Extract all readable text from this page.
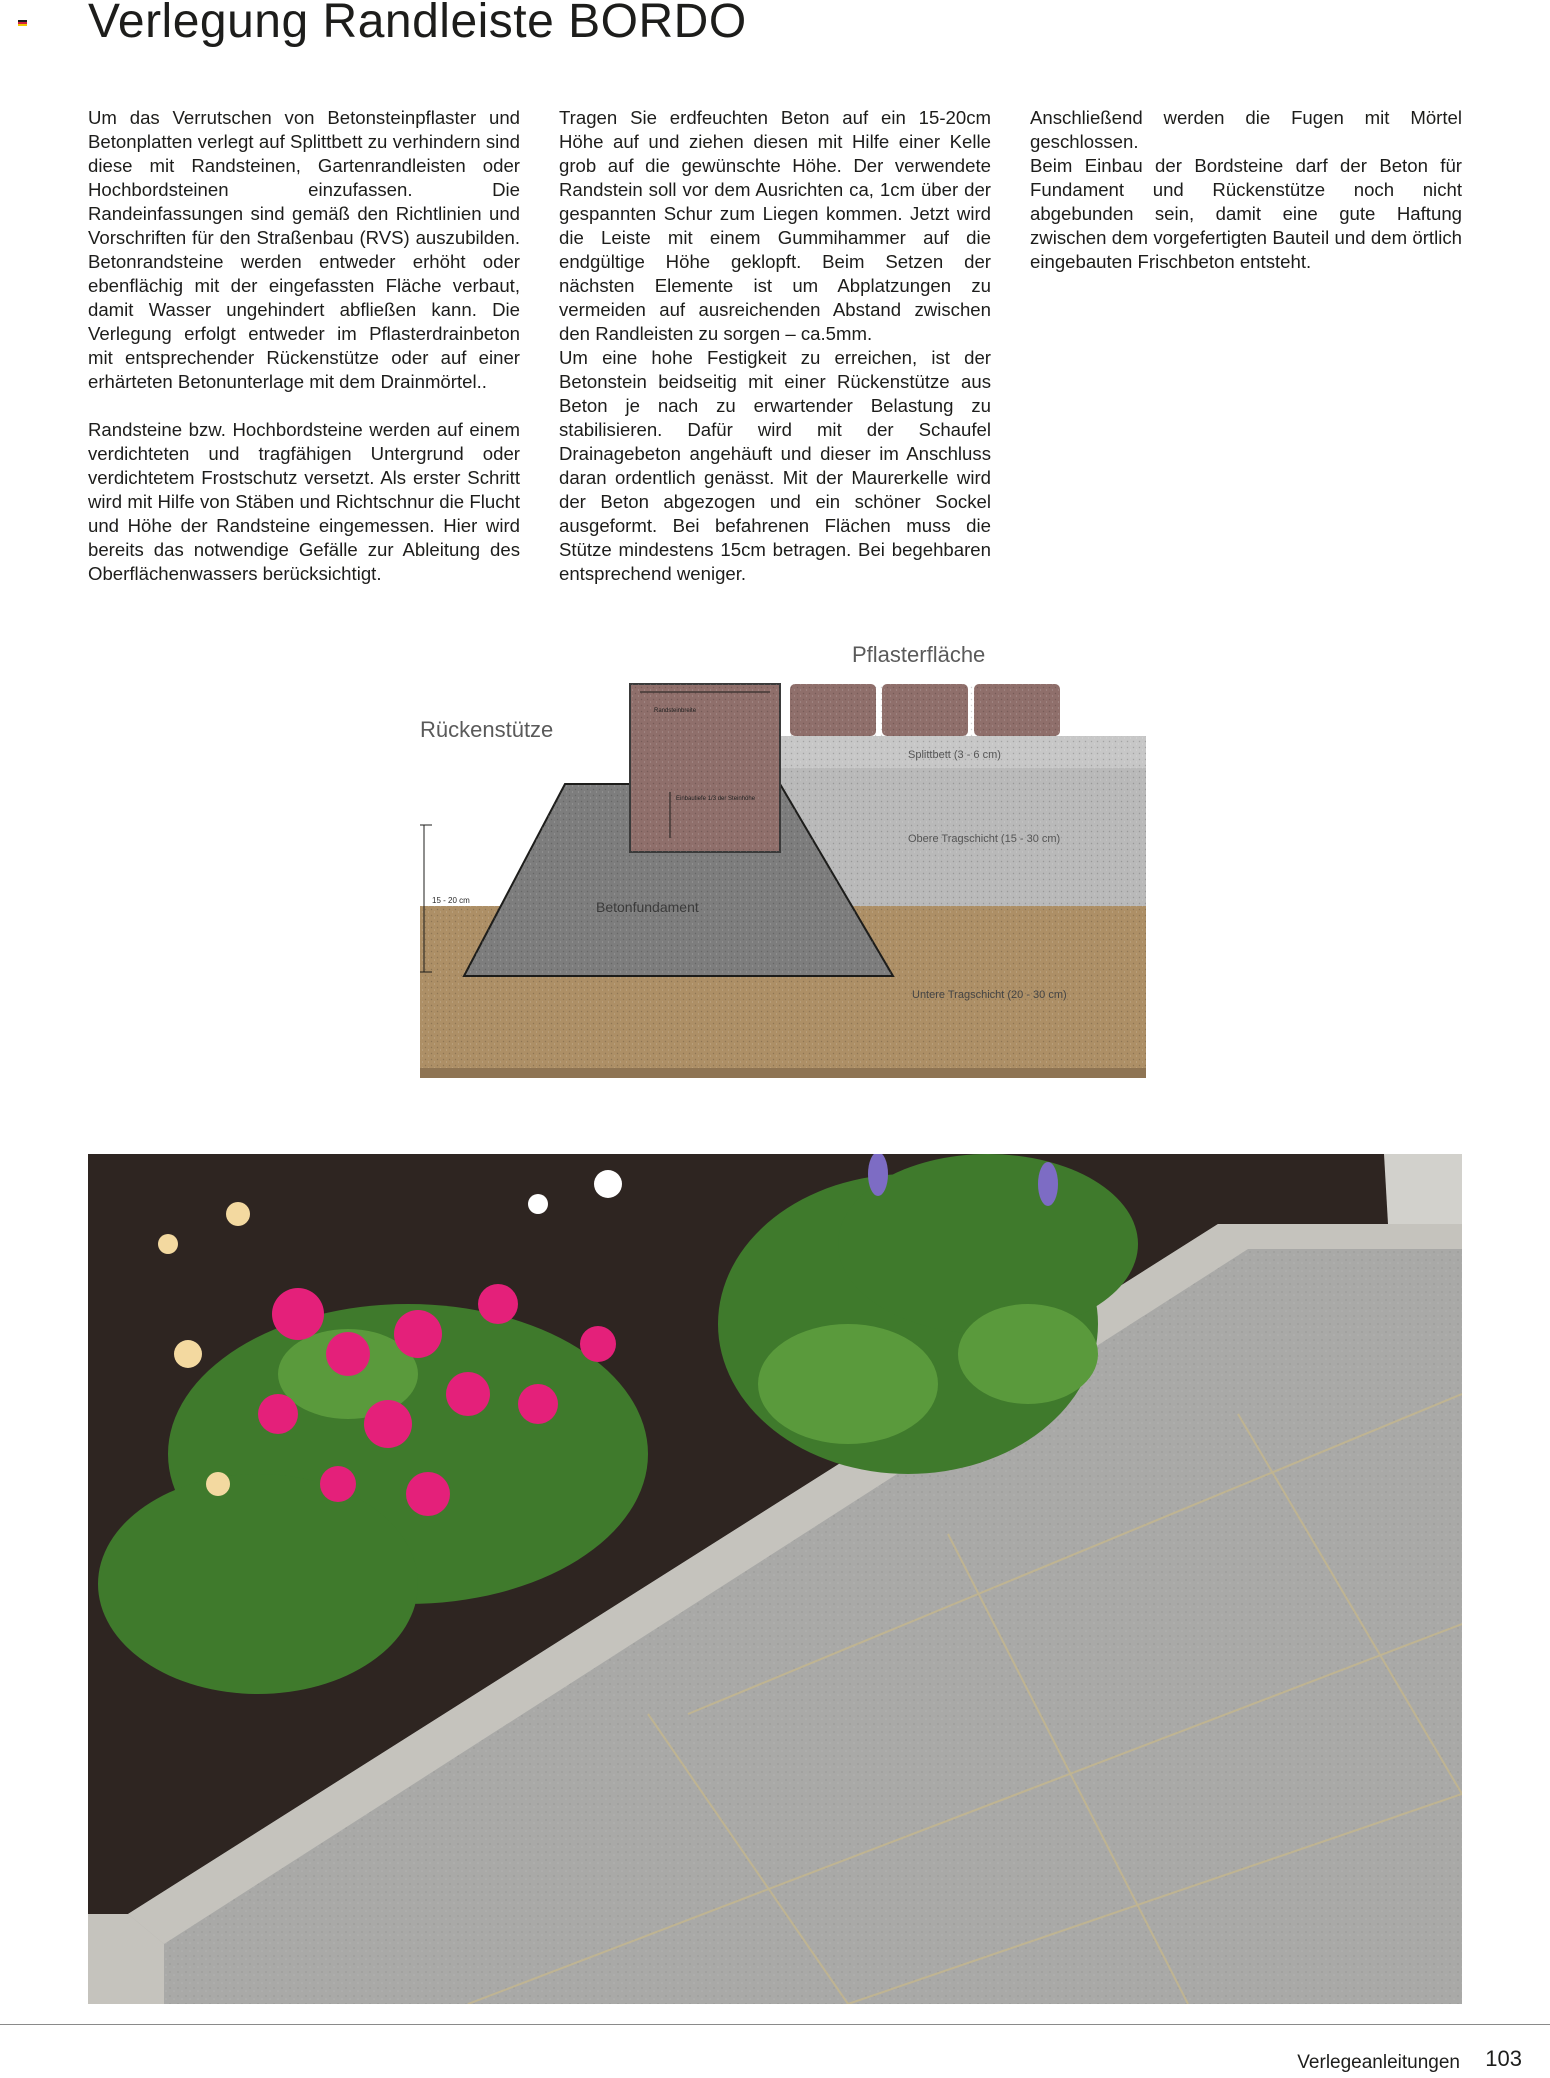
Verlegung Randleiste BORDO

Um das Verrutschen von Betonsteinpflaster und Betonplatten verlegt auf Splittbett zu verhindern sind diese mit Randsteinen, Gartenrandleisten oder Hochbordsteinen einzufassen. Die Randeinfassungen sind gemäß den Richtlinien und Vorschriften für den Straßenbau (RVS) auszubilden. Betonrandsteine werden entweder erhöht oder ebenflächig mit der eingefassten Fläche verbaut, damit Wasser ungehindert abfließen kann. Die Verlegung erfolgt entweder im Pflasterdrainbeton mit entsprechender Rückenstütze oder auf einer erhärteten Betonunterlage mit dem Drainmörtel..

Randsteine bzw. Hochbordsteine werden auf einem verdichteten und tragfähigen Untergrund oder verdichtetem Frostschutz versetzt. Als erster Schritt wird mit Hilfe von Stäben und Richtschnur die Flucht und Höhe der Randsteine eingemessen. Hier wird bereits das notwendige Gefälle zur Ableitung des Oberflächenwassers berücksichtigt.

Tragen Sie erdfeuchten Beton auf ein 15-20cm Höhe auf und ziehen diesen mit Hilfe einer Kelle grob auf die gewünschte Höhe. Der verwendete Randstein soll vor dem Ausrichten ca, 1cm über der gespannten Schur zum Liegen kommen. Jetzt wird die Leiste mit einem Gummihammer auf die endgültige Höhe geklopft. Beim Setzen der nächsten Elemente ist um Abplatzungen zu vermeiden auf ausreichenden Abstand zwischen den Randleisten zu sorgen – ca.5mm.

Um eine hohe Festigkeit zu erreichen, ist der Betonstein beidseitig mit einer Rückenstütze aus Beton je nach zu erwartender Belastung zu stabilisieren. Dafür wird mit der Schaufel Drainagebeton angehäuft und dieser im Anschluss daran ordentlich genässt. Mit der Maurerkelle wird der Beton abgezogen und ein schöner Sockel ausgeformt. Bei befahrenen Flächen muss die Stütze mindestens 15cm betragen. Bei begehbaren entsprechend weniger.

Anschließend werden die Fugen mit Mörtel geschlossen.

Beim Einbau der Bordsteine darf der Beton für Fundament und Rückenstütze noch nicht abgebunden sein, damit eine gute Haftung zwischen dem vorgefertigten Bauteil und dem örtlich eingebauten Frischbeton entsteht.

15 - 20 cm
Pflasterfläche
Rückenstütze
Splittbett (3 - 6 cm)
Obere Tragschicht (15 - 30 cm)
Betonfundament
Untere Tragschicht (20 - 30 cm)
Randsteinbreite
Einbautiefe 1/3 der Steinhöhe
Verlegeanleitungen 103
